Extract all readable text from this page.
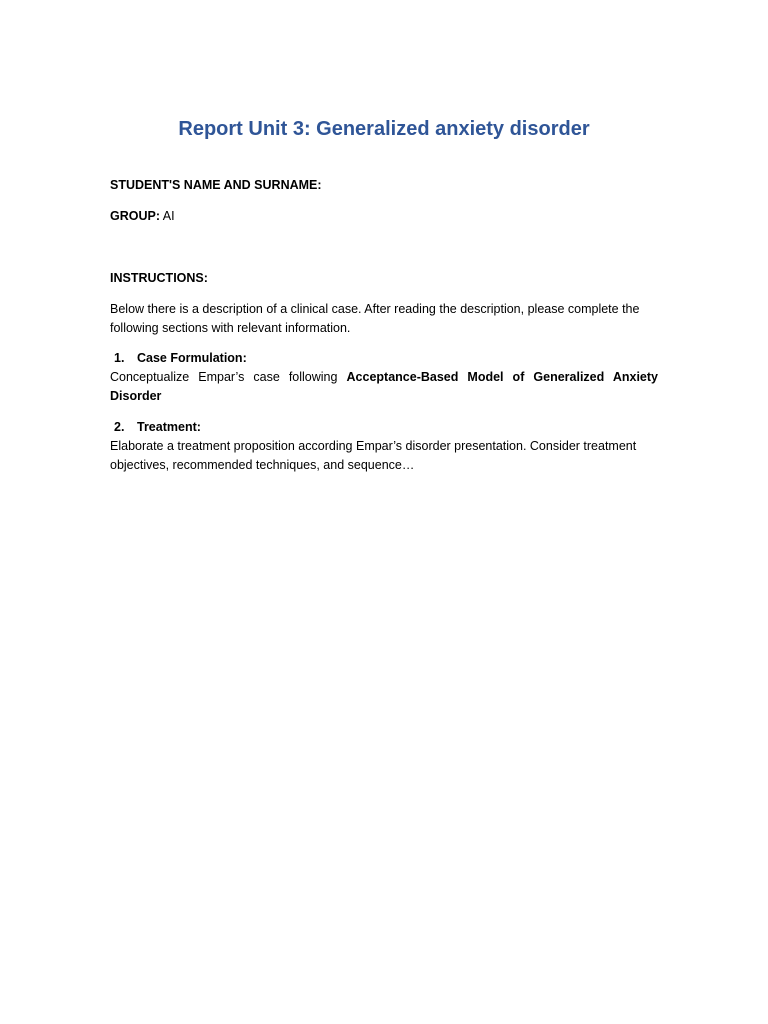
Report Unit 3: Generalized anxiety disorder

STUDENT'S NAME AND SURNAME:

GROUP: AI

INSTRUCTIONS:

Below there is a description of a clinical case. After reading the description, please complete the following sections with relevant information.

1.	Case Formulation:

Conceptualize Empar’s case following Acceptance-Based Model of Generalized Anxiety Disorder

2.	Treatment:

Elaborate a treatment proposition according Empar’s disorder presentation. Consider treatment objectives, recommended techniques, and sequence…
